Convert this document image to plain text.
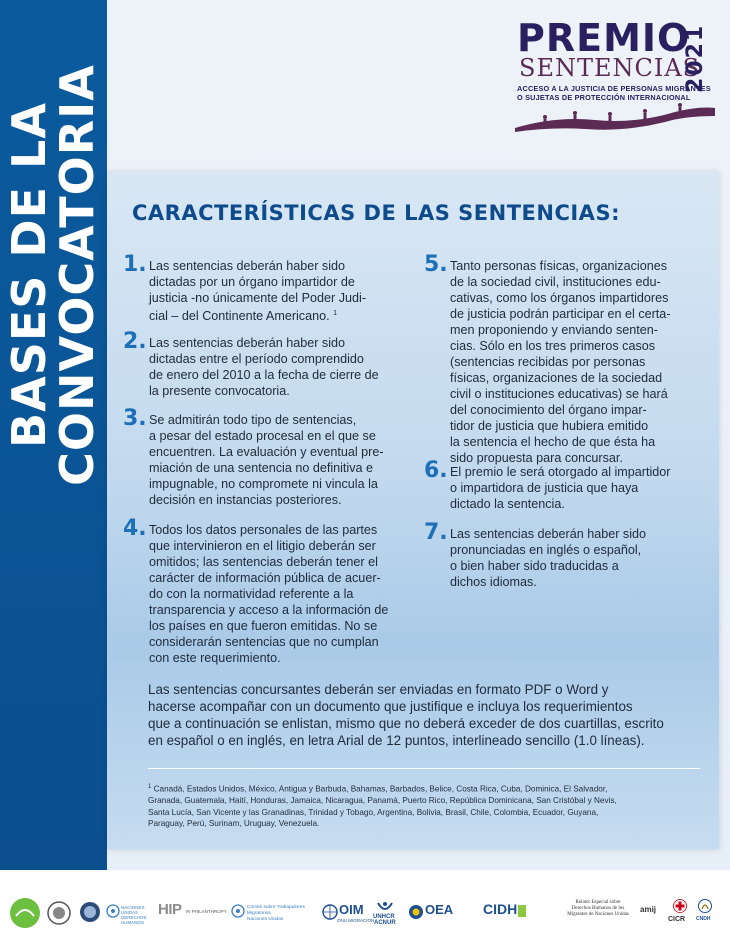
BASES DE LA
CONVOCATORIA
PREMIO
SENTENCIAS
2021
ACCESO A LA JUSTICIA DE PERSONAS MIGRANTES
O SUJETAS DE PROTECCIÓN INTERNACIONAL
CARACTERÍSTICAS DE LAS SENTENCIAS:
1. Las sentencias deberán haber sido
dictadas por un órgano impartidor de
justicia -no únicamente del Poder Judi-
cial – del Continente Americano. $^1$
2. Las sentencias deberán haber sido
dictadas entre el período comprendido
de enero del 2010 a la fecha de cierre de
la presente convocatoria.
3. Se admitirán todo tipo de sentencias,
a pesar del estado procesal en el que se
encuentren. La evaluación y eventual pre-
miación de una sentencia no definitiva e
impugnable, no compromete ni vincula la
decisión en instancias posteriores.
4. Todos los datos personales de las partes
que intervinieron en el litigio deberán ser
omitidos; las sentencias deberán tener el
carácter de información pública de acuer-
do con la normatividad referente a la
transparencia y acceso a la información de
los países en que fueron emitidas. No se
considerarán sentencias que no cumplan
con este requerimiento.
5. Tanto personas físicas, organizaciones
de la sociedad civil, instituciones edu-
cativas, como los órganos impartidores
de justicia podrán participar en el certa-
men proponiendo y enviando senten-
cias. Sólo en los tres primeros casos
(sentencias recibidas por personas
físicas, organizaciones de la sociedad
civil o instituciones educativas) se hará
del conocimiento del órgano impar-
tidor de justicia que hubiera emitido
la sentencia el hecho de que ésta ha
sido propuesta para concursar.
6. El premio le será otorgado al impartidor
o impartidora de justicia que haya
dictado la sentencia.
7. Las sentencias deberán haber sido
pronunciadas en inglés o español,
o bien haber sido traducidas a
dichos idiomas.
Las sentencias concursantes deberán ser enviadas en formato PDF o Word y
hacerse acompañar con un documento que justifique e incluya los requerimientos
que a continuación se enlistan, mismo que no deberá exceder de dos cuartillas, escrito
en español o en inglés, en letra Arial de 12 puntos, interlineado sencillo (1.0 líneas).
$^1$ Canadá, Estados Unidos, México, Antigua y Barbuda, Bahamas, Barbados, Belice, Costa Rica, Cuba, Dominica, El Salvador,
Granada, Guatemala, Haití, Honduras, Jamaica, Nicaragua, Panamá, Puerto Rico, República Dominicana, San Cristóbal y Nevis,
Santa Lucía, San Vicente y las Granadinas, Trinidad y Tobago, Argentina, Bolivia, Brasil, Chile, Colombia, Ecuador, Guyana,
Paraguay, Perú, Surinam, Uruguay, Venezuela.
NACIONES UNIDAS
DERECHOS HUMANOS
HIP IN PHILANTHROPY
Comité sobre Trabajadores Migratorios
Naciones Unidas
OIM
ONU MIGRACIÓN
UNHCR
ACNUR
OEA CIDH	Relator Especial sobre
Derechos Humanos de los
Migrantes de Naciones Unidas
amij
CICR CNDH
